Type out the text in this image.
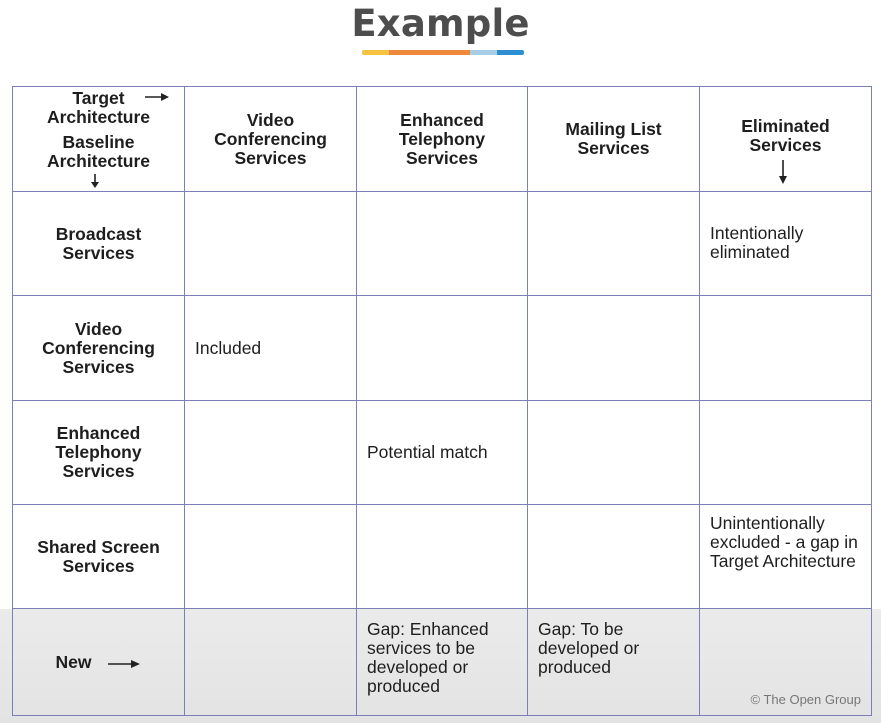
Example
Target
Architecture
Baseline
Architecture
Video Conferencing Services
Enhanced Telephony Services
Mailing List Services
Eliminated Services
Broadcast Services
Intentionally eliminated
Video Conferencing Services
Included
Enhanced Telephony Services
Potential match
Shared Screen Services
Unintentionally excluded - a gap in Target Architecture
New
Gap: Enhanced services to be developed or produced
Gap: To be developed or produced
© The Open Group
